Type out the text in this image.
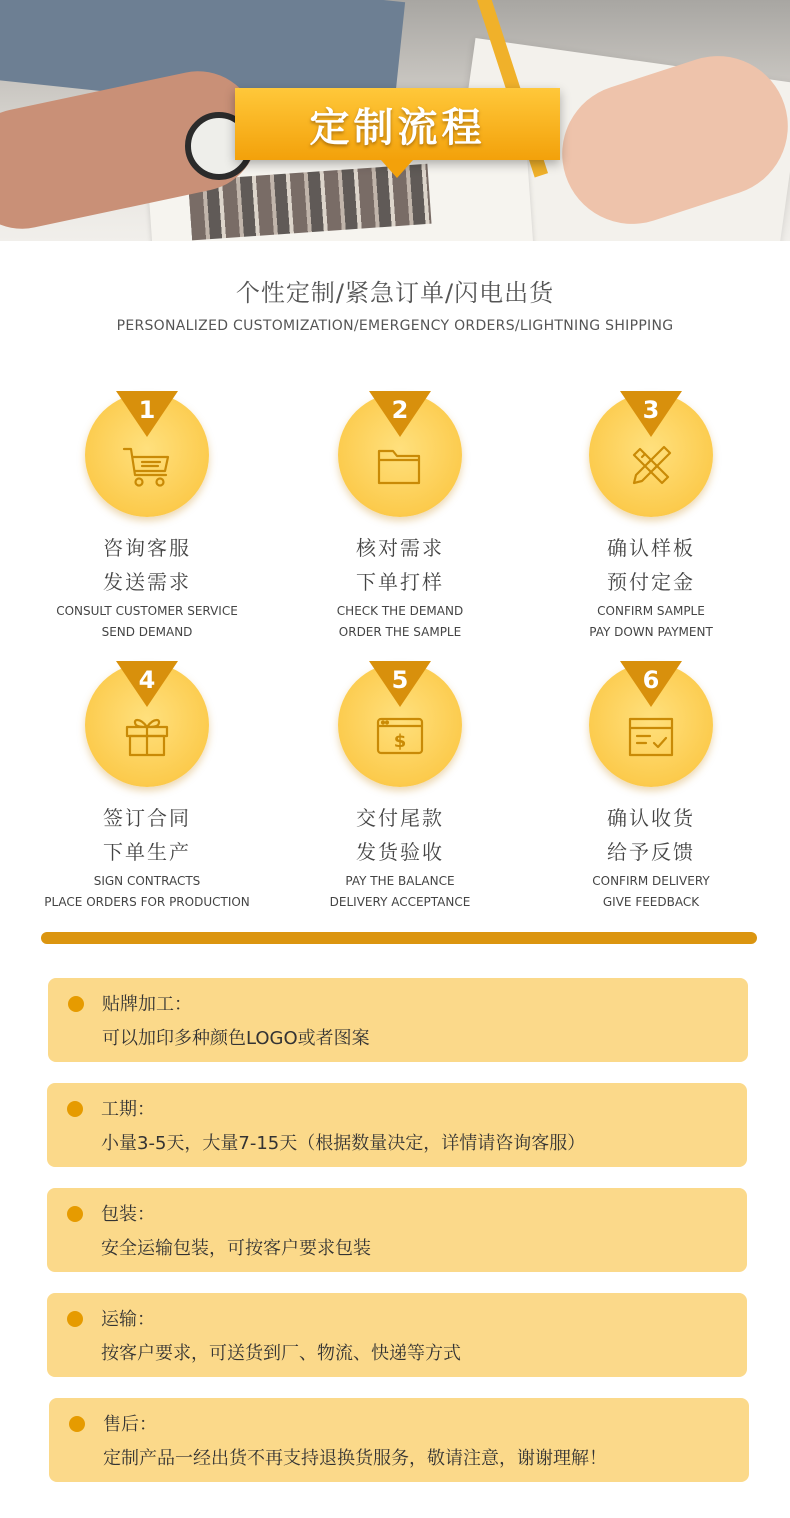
定制流程
个性定制/紧急订单/闪电出货
PERSONALIZED CUSTOMIZATION/EMERGENCY ORDERS/LIGHTNING SHIPPING
1
咨询客服
发送需求
CONSULT CUSTOMER SERVICE
SEND DEMAND
2
核对需求
下单打样
CHECK THE DEMAND
ORDER THE SAMPLE
3
确认样板
预付定金
CONFIRM SAMPLE
PAY DOWN PAYMENT
4
签订合同
下单生产
SIGN CONTRACTS
PLACE ORDERS FOR PRODUCTION
5
$
交付尾款
发货验收
PAY THE BALANCE
DELIVERY ACCEPTANCE
6
确认收货
给予反馈
CONFIRM DELIVERY
GIVE FEEDBACK
贴牌加工：
可以加印多种颜色LOGO或者图案
工期：
小量3-5天，大量7-15天（根据数量决定，详情请咨询客服）
包装：
安全运输包装，可按客户要求包装
运输：
按客户要求，可送货到厂、物流、快递等方式
售后：
定制产品一经出货不再支持退换货服务，敬请注意，谢谢理解！
